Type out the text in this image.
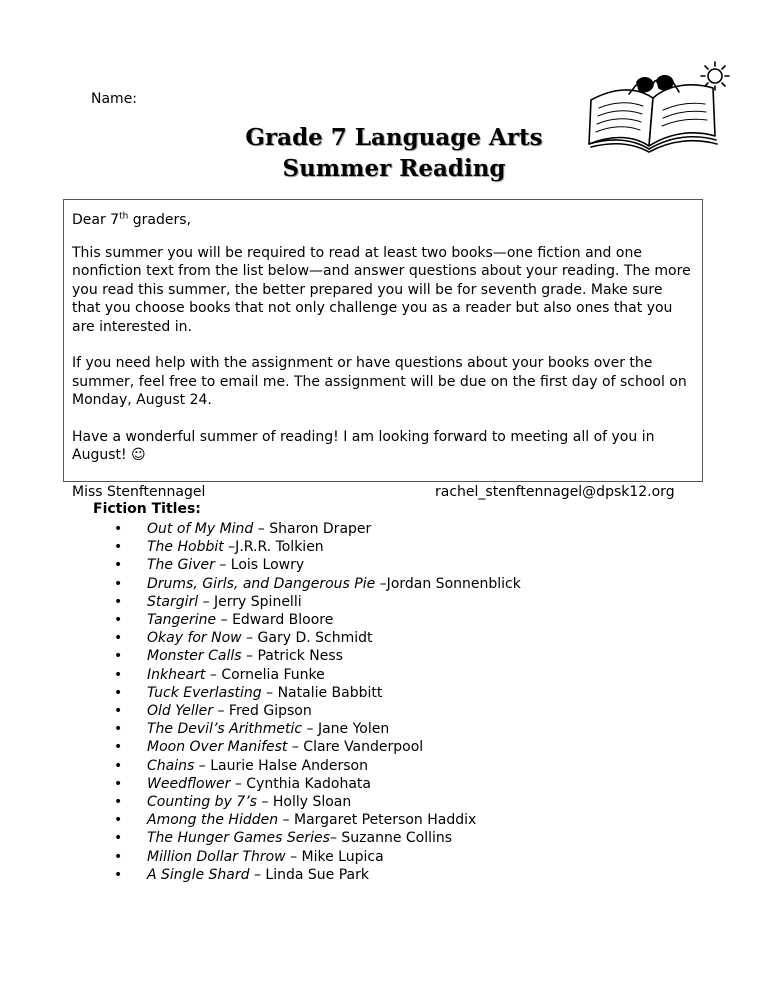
Name:
Grade 7 Language Arts
Summer Reading

Dear 7th graders,

This summer you will be required to read at least two books—one fiction and one nonfiction text from the list below—and answer questions about your reading. The more you read this summer, the better prepared you will be for seventh grade. Make sure that you choose books that not only challenge you as a reader but also ones that you are interested in.

If you need help with the assignment or have questions about your books over the summer, feel free to email me. The assignment will be due on the first day of school on Monday, August 24.

Have a wonderful summer of reading! I am looking forward to meeting all of you in August! ☺

Miss Stenftennagel	rachel_stenftennagel@dpsk12.org
Fiction Titles:
• Out of My Mind – Sharon Draper
• The Hobbit –J.R.R. Tolkien
• The Giver – Lois Lowry
• Drums, Girls, and Dangerous Pie –Jordan Sonnenblick
• Stargirl – Jerry Spinelli
• Tangerine – Edward Bloore
• Okay for Now – Gary D. Schmidt
• Monster Calls – Patrick Ness
• Inkheart – Cornelia Funke
• Tuck Everlasting – Natalie Babbitt
• Old Yeller – Fred Gipson
• The Devil’s Arithmetic – Jane Yolen
• Moon Over Manifest – Clare Vanderpool
• Chains – Laurie Halse Anderson
• Weedflower – Cynthia Kadohata
• Counting by 7’s – Holly Sloan
• Among the Hidden – Margaret Peterson Haddix
• The Hunger Games Series– Suzanne Collins
• Million Dollar Throw – Mike Lupica
• A Single Shard – Linda Sue Park
